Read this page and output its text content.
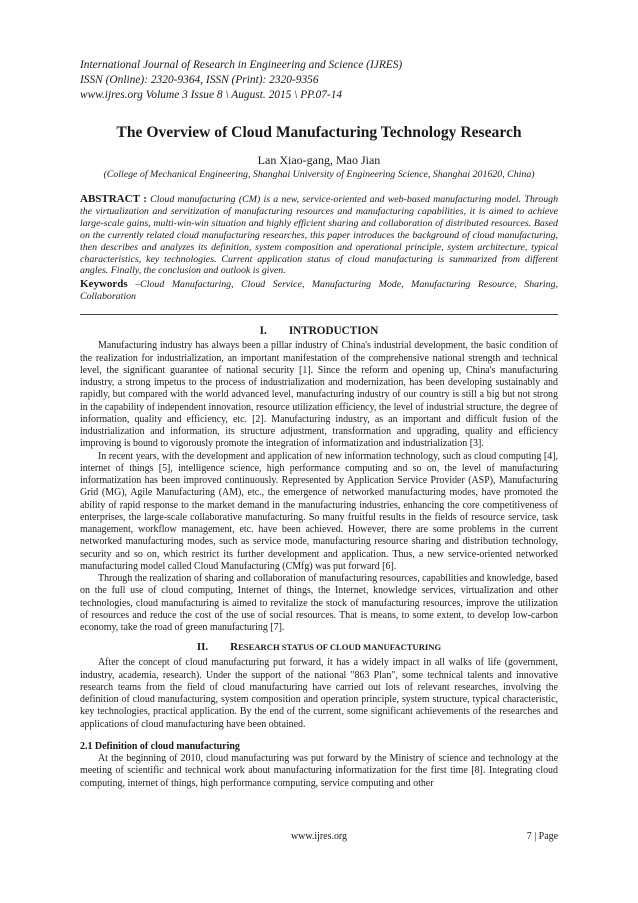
International Journal of Research in Engineering and Science (IJRES)
ISSN (Online): 2320-9364, ISSN (Print): 2320-9356
www.ijres.org Volume 3 Issue 8 \ August. 2015 \ PP.07-14
The Overview of Cloud Manufacturing Technology Research
Lan Xiao-gang, Mao Jian
(College of Mechanical Engineering, Shanghai University of Engineering Science, Shanghai 201620, China)

ABSTRACT : Cloud manufacturing (CM) is a new, service-oriented and web-based manufacturing model. Through the virtualization and servitization of manufacturing resources and manufacturing capabilities, it is aimed to achieve large-scale gains, multi-win-win situation and highly efficient sharing and collaboration of distributed resources. Based on the currently related cloud manufacturing researches, this paper introduces the background of cloud manufacturing, then describes and analyzes its definition, system composition and operational principle, system architecture, typical characteristics, key technologies. Current application status of cloud manufacturing is summarized from different angles. Finally, the conclusion and outlook is given.

Keywords –Cloud Manufacturing, Cloud Service, Manufacturing Mode, Manufacturing Resource, Sharing, Collaboration

I. INTRODUCTION

Manufacturing industry has always been a pillar industry of China's industrial development, the basic condition of the realization for industrialization, an important manifestation of the comprehensive national strength and technical level, the significant guarantee of national security [1]. Since the reform and opening up, China's manufacturing industry, a strong impetus to the process of industrialization and modernization, has been developing sustainably and rapidly, but compared with the world advanced level, manufacturing industry of our country is still a big but not strong in the capability of independent innovation, resource utilization efficiency, the level of industrial structure, the degree of information, quality and efficiency, etc. [2]. Manufacturing industry, as an important and difficult fusion of the industrialization and information, its structure adjustment, transformation and upgrading, quality and efficiency improving is bound to vigorously promote the integration of informatization and industrialization [3].

In recent years, with the development and application of new information technology, such as cloud computing [4], internet of things [5], intelligence science, high performance computing and so on, the level of manufacturing informatization has been improved continuously. Represented by Application Service Provider (ASP), Manufacturing Grid (MG), Agile Manufacturing (AM), etc., the emergence of networked manufacturing modes, have promoted the ability of rapid response to the market demand in the manufacturing industries, enhancing the core competitiveness of enterprises, the large-scale collaborative manufacturing. So many fruitful results in the fields of resource service, task management, workflow management, etc. have been achieved. However, there are some problems in the current networked manufacturing modes, such as service mode, manufacturing resource sharing and distribution technology, security and so on, which restrict its further development and application. Thus, a new service-oriented networked manufacturing model called Cloud Manufacturing (CMfg) was put forward [6].

Through the realization of sharing and collaboration of manufacturing resources, capabilities and knowledge, based on the full use of cloud computing, Internet of things, the Internet, knowledge services, virtualization and other technologies, cloud manufacturing is aimed to revitalize the stock of manufacturing resources, improve the utilization of resources and reduce the cost of the use of social resources. That is means, to some extent, to develop low-carbon economy, take the road of green manufacturing [7].

II. RESEARCH STATUS OF CLOUD MANUFACTURING

After the concept of cloud manufacturing put forward, it has a widely impact in all walks of life (government, industry, academia, research). Under the support of the national "863 Plan", some technical talents and innovative research teams from the field of cloud manufacturing have carried out lots of relevant researches, involving the definition of cloud manufacturing, system composition and operation principle, system structure, typical characteristic, key technologies, practical application. By the end of the current, some significant achievements of the researches and applications of cloud manufacturing have been obtained.

2.1 Definition of cloud manufacturing

At the beginning of 2010, cloud manufacturing was put forward by the Ministry of science and technology at the meeting of scientific and technical work about manufacturing informatization for the first time [8]. Integrating cloud computing, internet of things, high performance computing, service computing and other

www.ijres.org	7 | Page
